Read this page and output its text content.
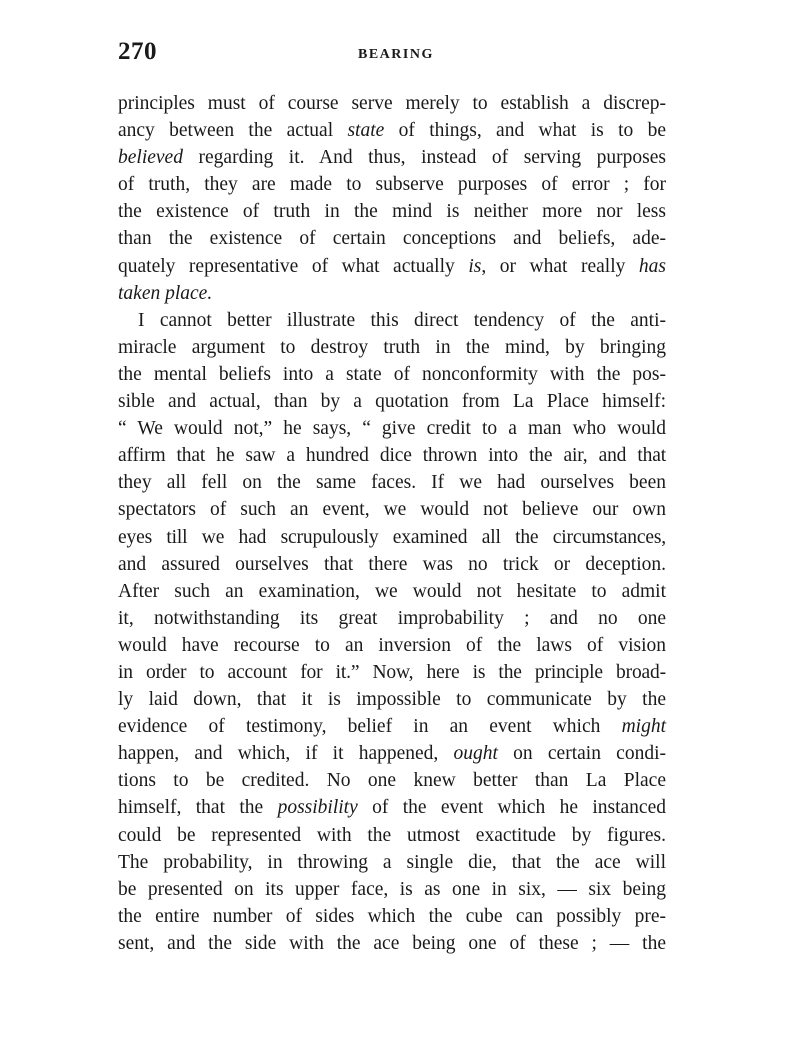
270	BEARING
principles must of course serve merely to establish a discrep-
ancy between the actual state of things, and what is to be
believed regarding it. And thus, instead of serving purposes
of truth, they are made to subserve purposes of error ; for
the existence of truth in the mind is neither more nor less
than the existence of certain conceptions and beliefs, ade-
quately representative of what actually is, or what really has
taken place.
I cannot better illustrate this direct tendency of the anti-
miracle argument to destroy truth in the mind, by bringing
the mental beliefs into a state of nonconformity with the pos-
sible and actual, than by a quotation from La Place himself:
“ We would not,” he says, “ give credit to a man who would
affirm that he saw a hundred dice thrown into the air, and that
they all fell on the same faces. If we had ourselves been
spectators of such an event, we would not believe our own
eyes till we had scrupulously examined all the circumstances,
and assured ourselves that there was no trick or deception.
After such an examination, we would not hesitate to admit
it, notwithstanding its great improbability ; and no one
would have recourse to an inversion of the laws of vision
in order to account for it.” Now, here is the principle broad-
ly laid down, that it is impossible to communicate by the
evidence of testimony, belief in an event which might
happen, and which, if it happened, ought on certain condi-
tions to be credited. No one knew better than La Place
himself, that the possibility of the event which he instanced
could be represented with the utmost exactitude by figures.
The probability, in throwing a single die, that the ace will
be presented on its upper face, is as one in six, — six being
the entire number of sides which the cube can possibly pre-
sent, and the side with the ace being one of these ; — the
